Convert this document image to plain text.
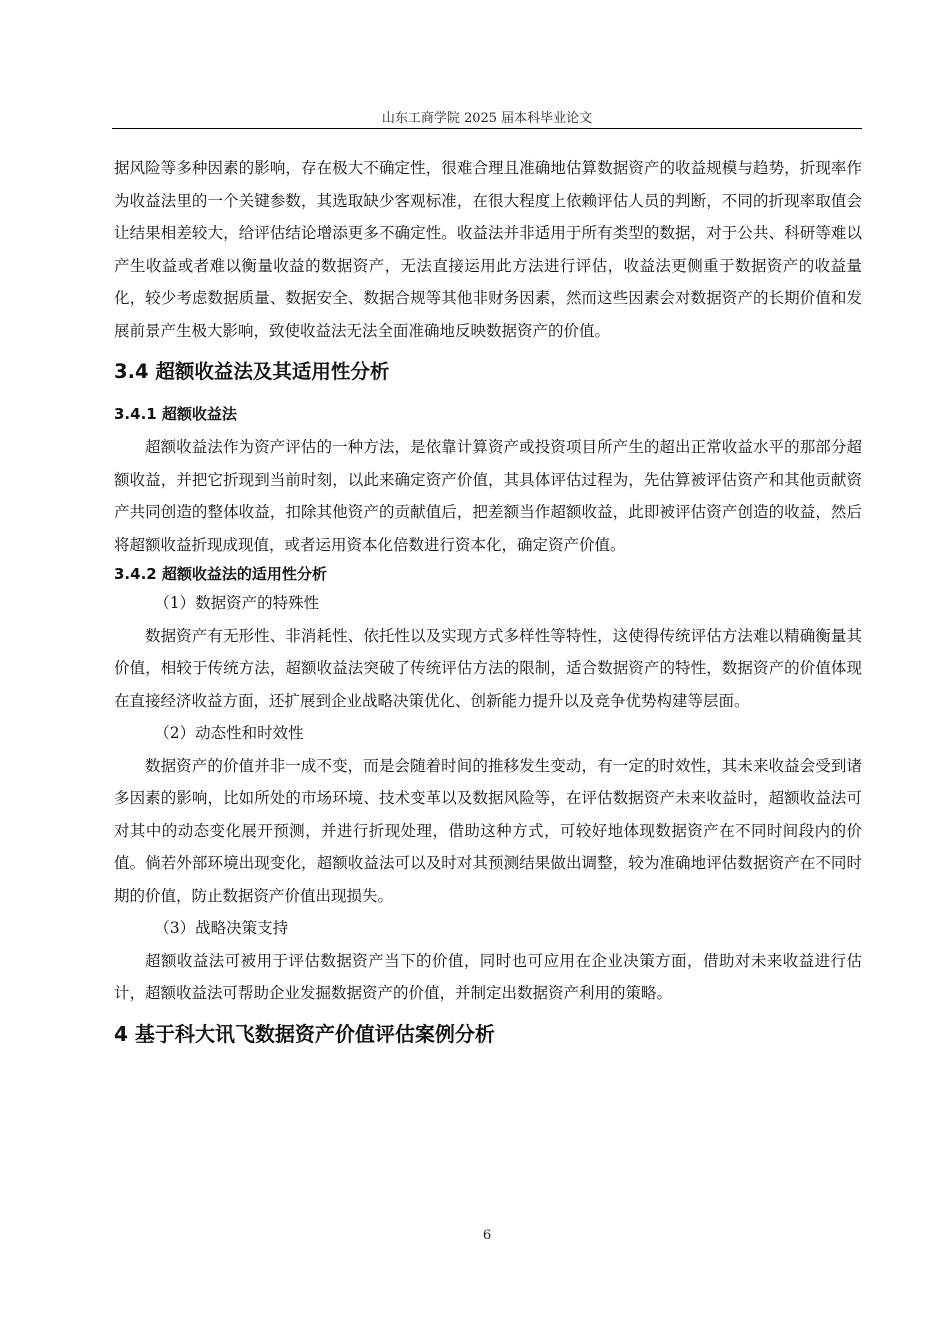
山东工商学院 2025 届本科毕业论文

据风险等多种因素的影响，存在极大不确定性，很难合理且准确地估算数据资产的收益规模与趋势，折现率作为收益法里的一个关键参数，其选取缺少客观标准，在很大程度上依赖评估人员的判断，不同的折现率取值会让结果相差较大，给评估结论增添更多不确定性。收益法并非适用于所有类型的数据，对于公共、科研等难以产生收益或者难以衡量收益的数据资产，无法直接运用此方法进行评估，收益法更侧重于数据资产的收益量化，较少考虑数据质量、数据安全、数据合规等其他非财务因素，然而这些因素会对数据资产的长期价值和发展前景产生极大影响，致使收益法无法全面准确地反映数据资产的价值。

3.4 超额收益法及其适用性分析
3.4.1 超额收益法

超额收益法作为资产评估的一种方法，是依靠计算资产或投资项目所产生的超出正常收益水平的那部分超额收益，并把它折现到当前时刻，以此来确定资产价值，其具体评估过程为，先估算被评估资产和其他贡献资产共同创造的整体收益，扣除其他资产的贡献值后，把差额当作超额收益，此即被评估资产创造的收益，然后将超额收益折现成现值，或者运用资本化倍数进行资本化，确定资产价值。

3.4.2 超额收益法的适用性分析

（1）数据资产的特殊性

数据资产有无形性、非消耗性、依托性以及实现方式多样性等特性，这使得传统评估方法难以精确衡量其价值，相较于传统方法，超额收益法突破了传统评估方法的限制，适合数据资产的特性，数据资产的价值体现在直接经济收益方面，还扩展到企业战略决策优化、创新能力提升以及竞争优势构建等层面。

（2）动态性和时效性

数据资产的价值并非一成不变，而是会随着时间的推移发生变动，有一定的时效性，其未来收益会受到诸多因素的影响，比如所处的市场环境、技术变革以及数据风险等，在评估数据资产未来收益时，超额收益法可对其中的动态变化展开预测，并进行折现处理，借助这种方式，可较好地体现数据资产在不同时间段内的价值。倘若外部环境出现变化，超额收益法可以及时对其预测结果做出调整，较为准确地评估数据资产在不同时期的价值，防止数据资产价值出现损失。

（3）战略决策支持

超额收益法可被用于评估数据资产当下的价值，同时也可应用在企业决策方面，借助对未来收益进行估计，超额收益法可帮助企业发掘数据资产的价值，并制定出数据资产利用的策略。

4 基于科大讯飞数据资产价值评估案例分析
6
